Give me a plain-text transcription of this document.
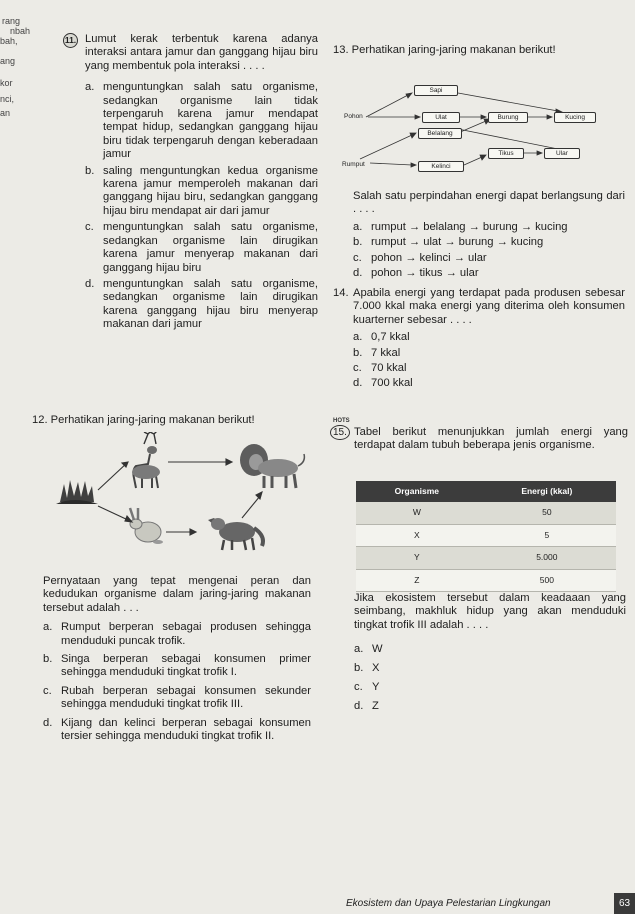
rang
nbah
bah,
ang
kor
nci,
an
11. Lumut kerak terbentuk karena adanya interaksi antara jamur dan ganggang hijau biru yang membentuk pola interaksi . . . .
a. menguntungkan salah satu organisme, sedangkan organisme lain tidak terpengaruh karena jamur mendapat tempat hidup, sedangkan ganggang hijau biru tidak terpengaruh dengan keberadaan jamur
b. saling menguntungkan kedua organisme karena jamur memperoleh makanan dari ganggang hijau biru, sedangkan ganggang hijau biru mendapat air dari jamur
c. menguntungkan salah satu organisme, sedangkan organisme lain dirugikan karena jamur menyerap makanan dari ganggang hijau biru
d. menguntungkan salah satu organisme, sedangkan organisme lain dirugikan karena ganggang hijau biru menyerap makanan dari jamur
12. Perhatikan jaring-jaring makanan berikut!
Pernyataan yang tepat mengenai peran dan kedudukan organisme dalam jaring-jaring makanan tersebut adalah . . .
a. Rumput berperan sebagai produsen sehingga menduduki puncak trofik.
b. Singa berperan sebagai konsumen primer sehingga menduduki tingkat trofik I.
c. Rubah berperan sebagai konsumen sekunder sehingga menduduki tingkat trofik III.
d. Kijang dan kelinci berperan sebagai konsumen tersier sehingga menduduki tingkat trofik II.
13. Perhatikan jaring-jaring makanan berikut!
Sapi
Pohon	Ulat	Burung	Kucing
Belalang
Tikus	Ular
Rumput	Kelinci
Salah satu perpindahan energi dapat berlangsung dari . . . .
a. rumput → belalang → burung → kucing
b. rumput → ulat → burung → kucing
c. pohon → kelinci → ular
d. pohon → tikus → ular
14. Apabila energi yang terdapat pada produsen sebesar 7.000 kkal maka energi yang diterima oleh konsumen kuarterner sebesar . . . .
a. 0,7 kkal
b. 7 kkal
c. 70 kkal
d. 700 kkal
HOTS
15. Tabel berikut menunjukkan jumlah energi yang terdapat dalam tubuh beberapa jenis organisme.
Organisme	Energi (kkal)
W	50
X	5
Y	5.000
Z	500
Jika ekosistem tersebut dalam keadaaan yang seimbang, makhluk hidup yang akan menduduki tingkat trofik III adalah . . . .
a. W
b. X
c. Y
d. Z
Ekosistem dan Upaya Pelestarian Lingkungan	63
